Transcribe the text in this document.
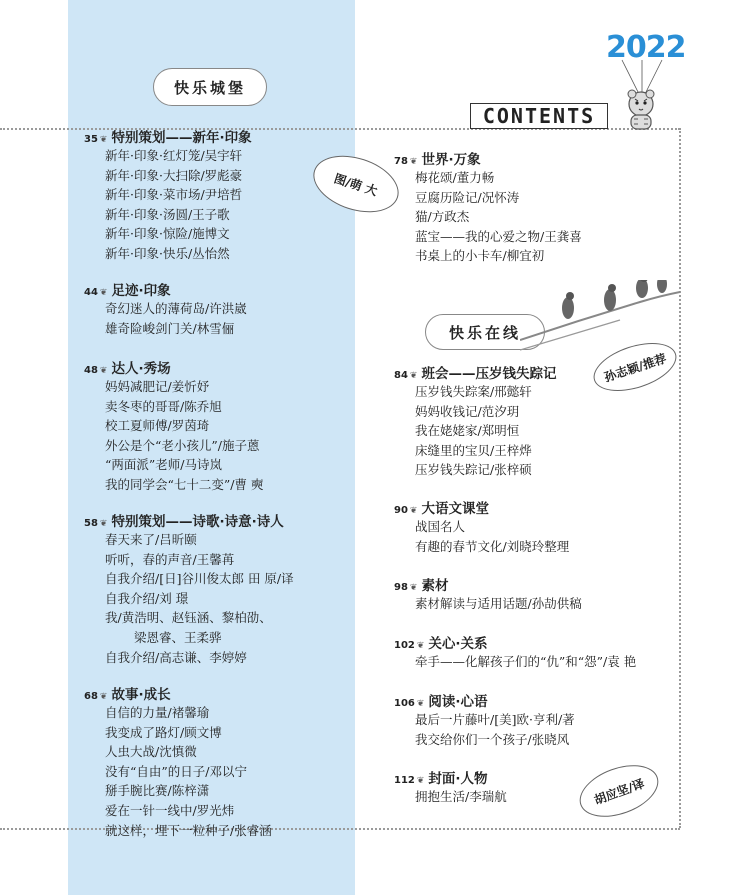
2022
CONTENTS
快乐城堡
快乐在线
图/萌 大
孙志颖/推荐
胡应坚/译
35 ❦ 特别策划——新年·印象
新年·印象·红灯笼/吴宇轩
新年·印象·大扫除/罗彪豪
新年·印象·菜市场/尹培哲
新年·印象·汤圆/王子歌
新年·印象·惊险/施博文
新年·印象·快乐/丛怡然
44 ❦ 足迹·印象
奇幻迷人的薄荷岛/许洪崴
雄奇险峻剑门关/林雪俪
48 ❦ 达人·秀场
妈妈减肥记/姜忻妤
卖冬枣的哥哥/陈乔旭
校工夏师傅/罗茵琦
外公是个“老小孩儿”/施子蒽
“两面派”老师/马诗岚
我的同学会“七十二变”/曹 奭
58 ❦ 特别策划——诗歌·诗意·诗人
春天来了/吕昕颐
听听，春的声音/王馨苒
自我介绍/[日]谷川俊太郎 田 原/译
自我介绍/刘 璟
我/黄浩明、赵钰涵、黎柏劭、
梁恩睿、王柔骅
自我介绍/高志谦、李婷婷
68 ❦ 故事·成长
自信的力量/褚馨瑜
我变成了路灯/顾文博
人虫大战/沈慎微
没有“自由”的日子/邓以宁
掰手腕比赛/陈梓潇
爱在一针一线中/罗光炜
就这样，埋下一粒种子/张睿涵
78 ❦ 世界·万象
梅花颂/董力畅
豆腐历险记/况怀涛
猫/方政杰
蓝宝——我的心爱之物/王龚喜
书桌上的小卡车/柳宜初
84 ❦ 班会——压岁钱失踪记
压岁钱失踪案/邢懿轩
妈妈收钱记/范汐玥
我在姥姥家/郑明恒
床缝里的宝贝/王梓烨
压岁钱失踪记/张梓硕
90 ❦ 大语文课堂
战国名人
有趣的春节文化/刘晓玲整理
98 ❦ 素材
素材解读与适用话题/孙劼供稿
102 ❦ 关心·关系
牵手——化解孩子们的“仇”和“怨”/袁 艳
106 ❦ 阅读·心语
最后一片藤叶/[美]欧·亨利/著
我交给你们一个孩子/张晓风
112 ❦ 封面·人物
拥抱生活/李瑞航
